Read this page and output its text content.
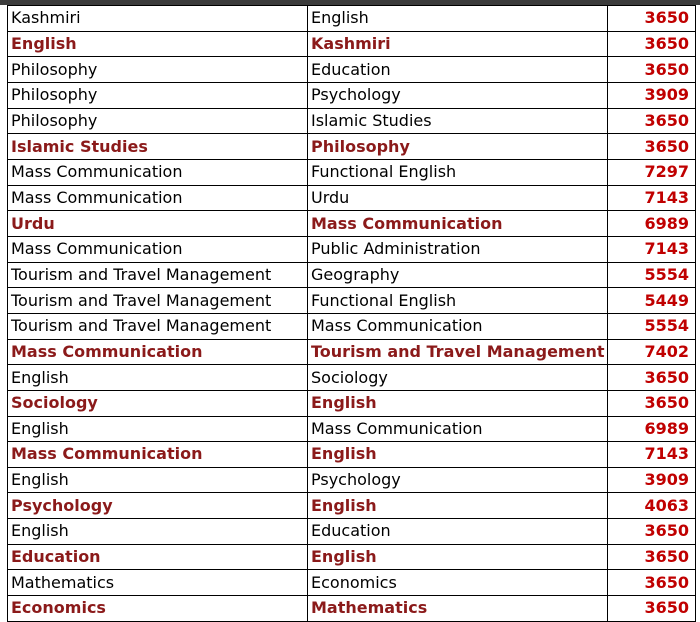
Kashmiri	English	3650
English	Kashmiri	3650
Philosophy	Education	3650
Philosophy	Psychology	3909
Philosophy	Islamic Studies	3650
Islamic Studies	Philosophy	3650
Mass Communication	Functional English	7297
Mass Communication	Urdu	7143
Urdu	Mass Communication	6989
Mass Communication	Public Administration	7143
Tourism and Travel Management	Geography	5554
Tourism and Travel Management	Functional English	5449
Tourism and Travel Management	Mass Communication	5554
Mass Communication	Tourism and Travel Management	7402
English	Sociology	3650
Sociology	English	3650
English	Mass Communication	6989
Mass Communication	English	7143
English	Psychology	3909
Psychology	English	4063
English	Education	3650
Education	English	3650
Mathematics	Economics	3650
Economics	Mathematics	3650
